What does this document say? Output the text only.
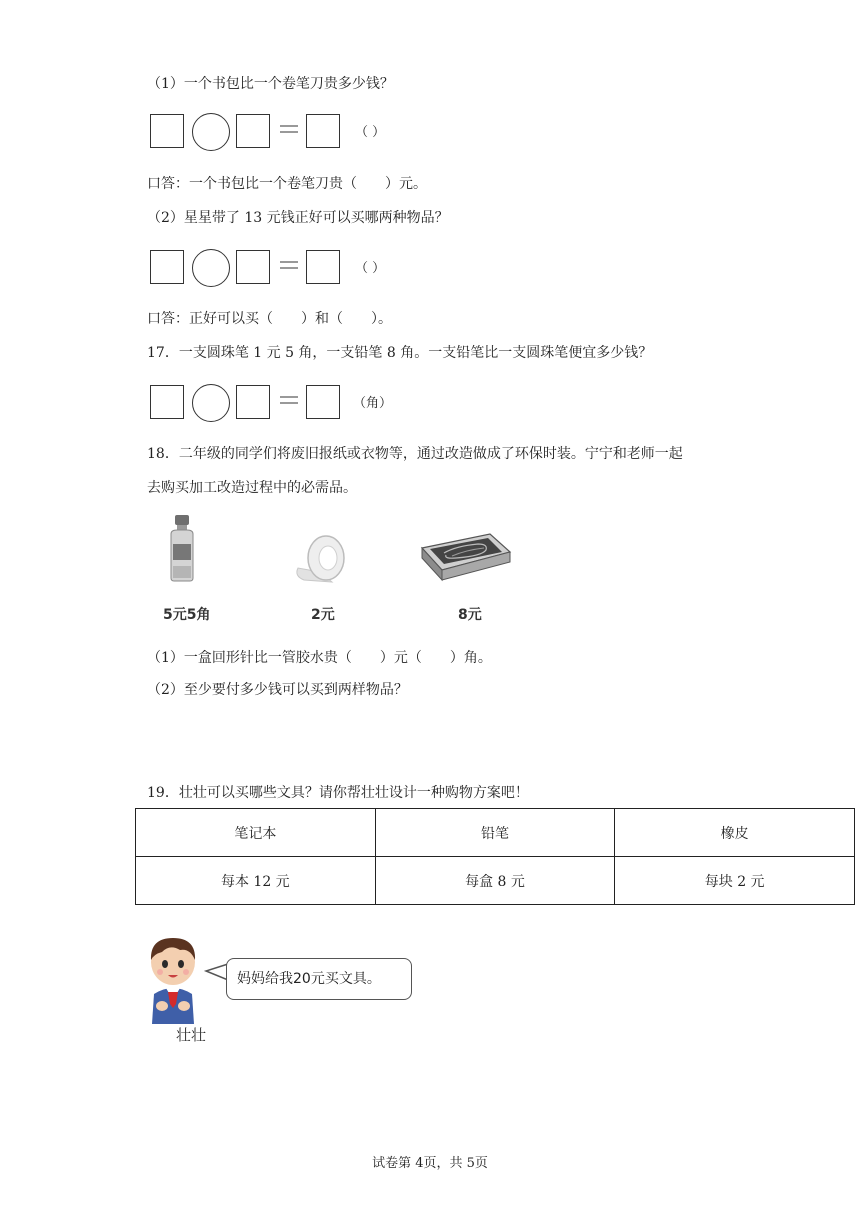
（1）一个书包比一个卷笔刀贵多少钱？
（ ）
口答：一个书包比一个卷笔刀贵（　　）元。
（2）星星带了 13 元钱正好可以买哪两种物品？
（ ）
口答：正好可以买（　　）和（　　）。
17．一支圆珠笔 1 元 5 角，一支铅笔 8 角。一支铅笔比一支圆珠笔便宜多少钱？
（角）
18．二年级的同学们将废旧报纸或衣物等，通过改造做成了环保时装。宁宁和老师一起
去购买加工改造过程中的必需品。
5元5角	2元	8元
（1）一盒回形针比一管胶水贵（　　）元（　　）角。
（2）至少要付多少钱可以买到两样物品？
19．壮壮可以买哪些文具？请你帮壮壮设计一种购物方案吧！
笔记本	铅笔	橡皮
每本 12 元	每盒 8 元	每块 2 元
壮壮
妈妈给我20元买文具。
试卷第 4页，共 5页
